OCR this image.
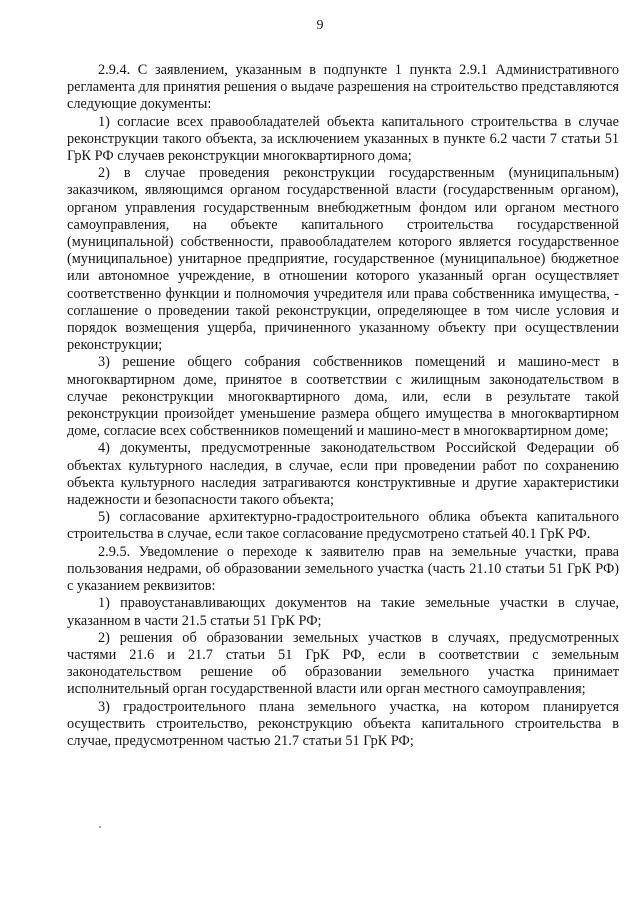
9

2.9.4. С заявлением, указанным в подпункте 1 пункта 2.9.1 Административного регламента для принятия решения о выдаче разрешения на строительство представляются следующие документы:

1) согласие всех правообладателей объекта капитального строительства в случае реконструкции такого объекта, за исключением указанных в пункте 6.2 части 7 статьи 51 ГрК РФ случаев реконструкции многоквартирного дома;

2) в случае проведения реконструкции государственным (муниципальным) заказчиком, являющимся органом государственной власти (государственным органом), органом управления государственным внебюджетным фондом или органом местного самоуправления, на объекте капитального строительства государственной (муниципальной) собственности, правообладателем которого является государственное (муниципальное) унитарное предприятие, государственное (муниципальное) бюджетное или автономное учреждение, в отношении которого указанный орган осуществляет соответственно функции и полномочия учредителя или права собственника имущества, - соглашение о проведении такой реконструкции, определяющее в том числе условия и порядок возмещения ущерба, причиненного указанному объекту при осуществлении реконструкции;

3) решение общего собрания собственников помещений и машино-мест в многоквартирном доме, принятое в соответствии с жилищным законодательством в случае реконструкции многоквартирного дома, или, если в результате такой реконструкции произойдет уменьшение размера общего имущества в многоквартирном доме, согласие всех собственников помещений и машино-мест в многоквартирном доме;

4) документы, предусмотренные законодательством Российской Федерации об объектах культурного наследия, в случае, если при проведении работ по сохранению объекта культурного наследия затрагиваются конструктивные и другие характеристики надежности и безопасности такого объекта;

5) согласование архитектурно-градостроительного облика объекта капитального строительства в случае, если такое согласование предусмотрено статьей 40.1 ГрК РФ.

2.9.5. Уведомление о переходе к заявителю прав на земельные участки, права пользования недрами, об образовании земельного участка (часть 21.10 статьи 51 ГрК РФ) с указанием реквизитов:

1) правоустанавливающих документов на такие земельные участки в случае, указанном в части 21.5 статьи 51 ГрК РФ;

2) решения об образовании земельных участков в случаях, предусмотренных частями 21.6 и 21.7 статьи 51 ГрК РФ, если в соответствии с земельным законодательством решение об образовании земельного участка принимает исполнительный орган государственной власти или орган местного самоуправления;

3) градостроительного плана земельного участка, на котором планируется осуществить строительство, реконструкцию объекта капитального строительства в случае, предусмотренном частью 21.7 статьи 51 ГрК РФ;
